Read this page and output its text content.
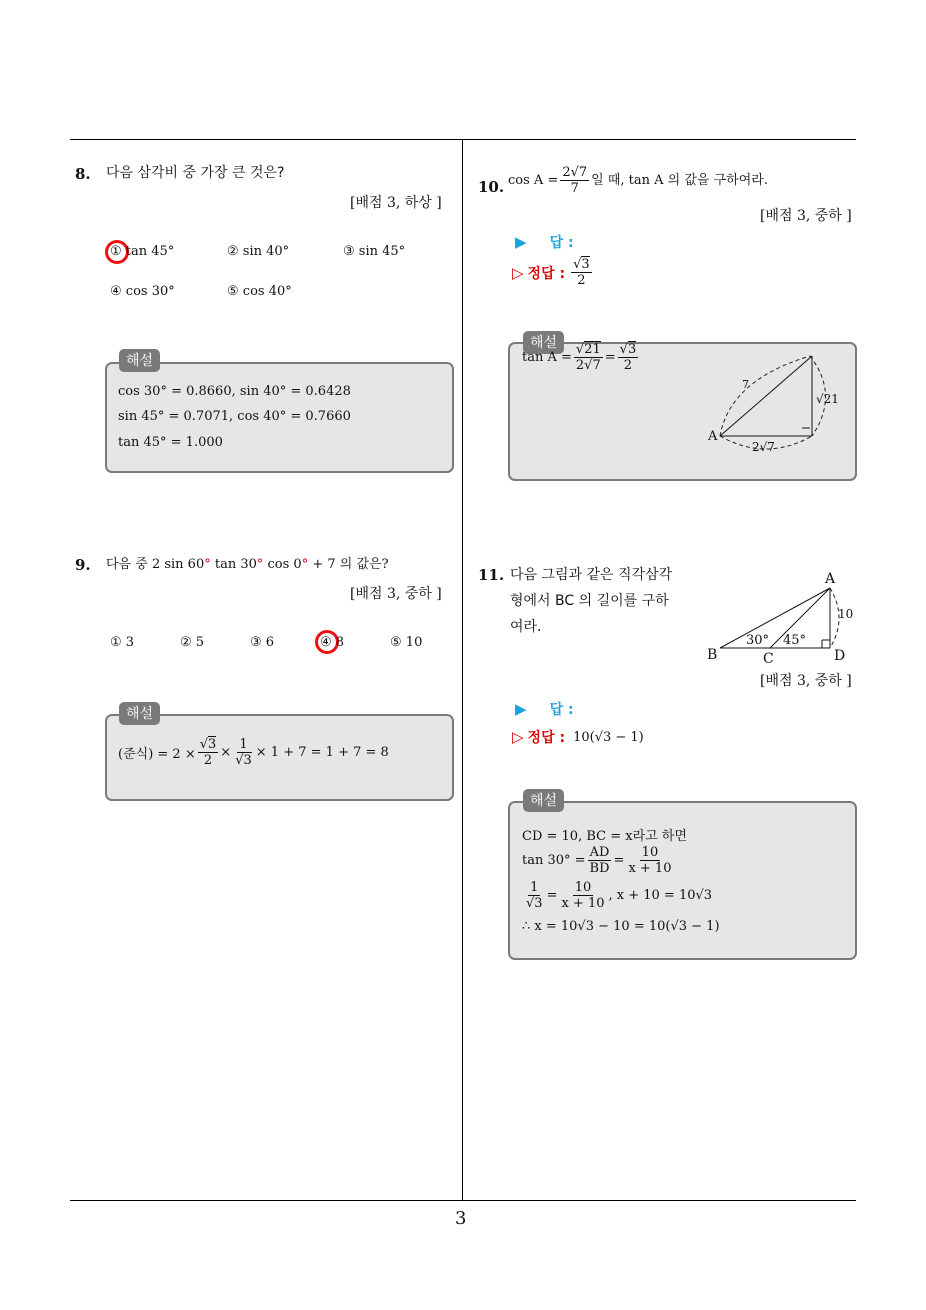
3
8. 다음 삼각비 중 가장 큰 것은?
[배점 3, 하상 ]
① tan 45°	② sin 40°	③ sin 45°
④ cos 30°	⑤ cos 40°
해설
cos 30° = 0.8660, sin 40° = 0.6428
sin 45° = 0.7071, cos 40° = 0.7660
tan 45° = 1.000
9. 다음 중 2 sin 60° tan 30° cos 0° + 7 의 값은?
[배점 3, 중하 ]
① 3	② 5	③ 6	④ 8	⑤ 10
해설
(준식) = $2 \times \frac{√3}{2} \times \frac{1}{√3} \times 1 + 7 = 1 + 7 = 8$
10. $\cos A = \frac{2√7}{7}$ 일 때, tan A 의 값을 구하여라.
[배점 3, 중하 ]
▶ 답 :
▷ 정답 : $\frac{√3}{2}$
해설
$\tan A = \frac{√21}{2√7} = \frac{√3}{2}$
A
2√7
√21
7
11. 다음 그림과 같은 직각삼각
형에서 BC 의 길이를 구하
여라.
A
B	C	D
30° 45°
10
[배점 3, 중하 ]
▶ 답 :
▷ 정답 : 10(√3 − 1)
해설
CD = 10, BC = x라고 하면
$\tan 30^\circ = \frac{AD}{BD} = \frac{10}{x + 10}$
$\frac{1}{√3} = \frac{10}{x + 10}$ , x + 10 = 10√3
∴ x = 10√3 − 10 = 10(√3 − 1)
